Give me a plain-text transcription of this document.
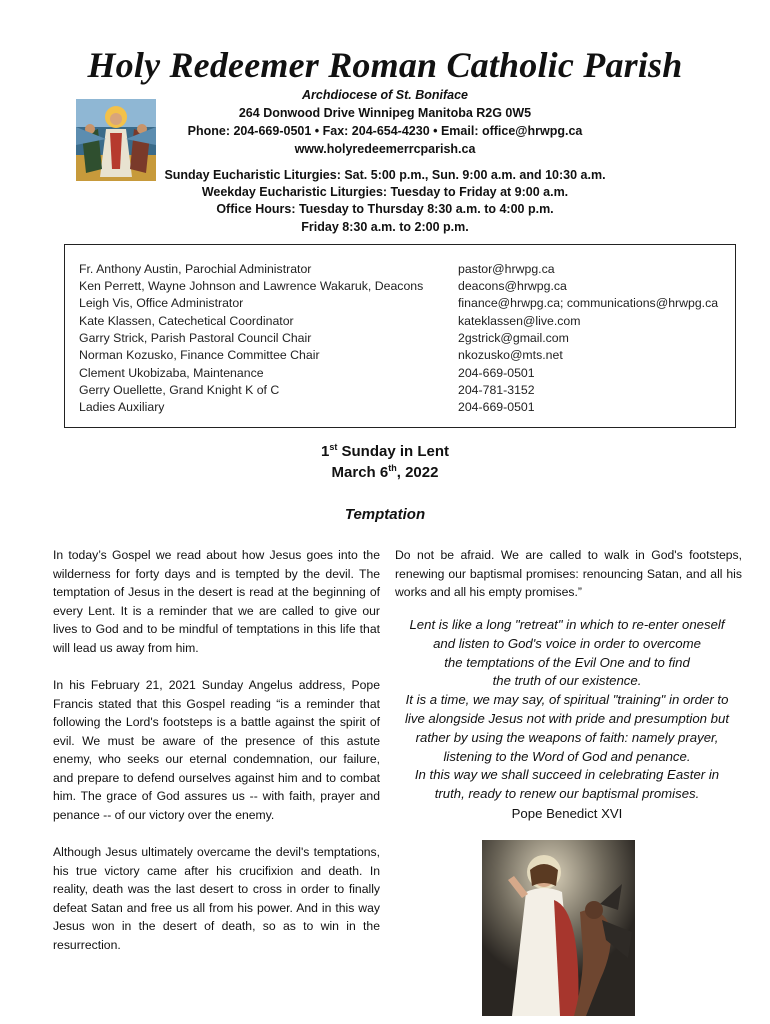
Holy Redeemer Roman Catholic Parish
Archdiocese of St. Boniface
264 Donwood Drive Winnipeg Manitoba R2G 0W5
Phone: 204-669-0501 • Fax: 204-654-4230 • Email: office@hrwpg.ca
www.holyredeemerrcparish.ca
Sunday Eucharistic Liturgies: Sat. 5:00 p.m., Sun. 9:00 a.m. and 10:30 a.m.
Weekday Eucharistic Liturgies: Tuesday to Friday at 9:00 a.m.
Office Hours: Tuesday to Thursday 8:30 a.m. to 4:00 p.m.
Friday 8:30 a.m. to 2:00 p.m.
Fr. Anthony Austin, Parochial Administrator	pastor@hrwpg.ca
Ken Perrett, Wayne Johnson and Lawrence Wakaruk, Deacons	deacons@hrwpg.ca
Leigh Vis, Office Administrator	finance@hrwpg.ca; communications@hrwpg.ca
Kate Klassen, Catechetical Coordinator	kateklassen@live.com
Garry Strick, Parish Pastoral Council Chair	2gstrick@gmail.com
Norman Kozusko, Finance Committee Chair	nkozusko@mts.net
Clement Ukobizaba, Maintenance	204-669-0501
Gerry Ouellette, Grand Knight K of C	204-781-3152
Ladies Auxiliary	204-669-0501
1st Sunday in Lent
March 6th, 2022
Temptation

In today’s Gospel we read about how Jesus goes into the wilderness for forty days and is tempted by the devil. The temptation of Jesus in the desert is read at the beginning of every Lent. It is a reminder that we are called to give our lives to God and to be mindful of temptations in this life that will lead us away from him.

In his February 21, 2021 Sunday Angelus address, Pope Francis stated that this Gospel reading “is a reminder that following the Lord's footsteps is a battle against the spirit of evil. We must be aware of the presence of this astute enemy, who seeks our eternal condemnation, our failure, and prepare to defend ourselves against him and to combat him. The grace of God assures us -- with faith, prayer and penance -- of our victory over the enemy.

Although Jesus ultimately overcame the devil's temptations, his true victory came after his crucifixion and death. In reality, death was the last desert to cross in order to finally defeat Satan and free us all from his power. And in this way Jesus won in the desert of death, so as to win in the resurrection.

Do not be afraid. We are called to walk in God's footsteps, renewing our baptismal promises: renouncing Satan, and all his works and all his empty promises.”

Lent is like a long "retreat" in which to re-enter oneself
and listen to God's voice in order to overcome
the temptations of the Evil One and to find
the truth of our existence.
It is a time, we may say, of spiritual "training" in order to
live alongside Jesus not with pride and presumption but
rather by using the weapons of faith: namely prayer,
listening to the Word of God and penance.
In this way we shall succeed in celebrating Easter in
truth, ready to renew our baptismal promises.
Pope Benedict XVI
